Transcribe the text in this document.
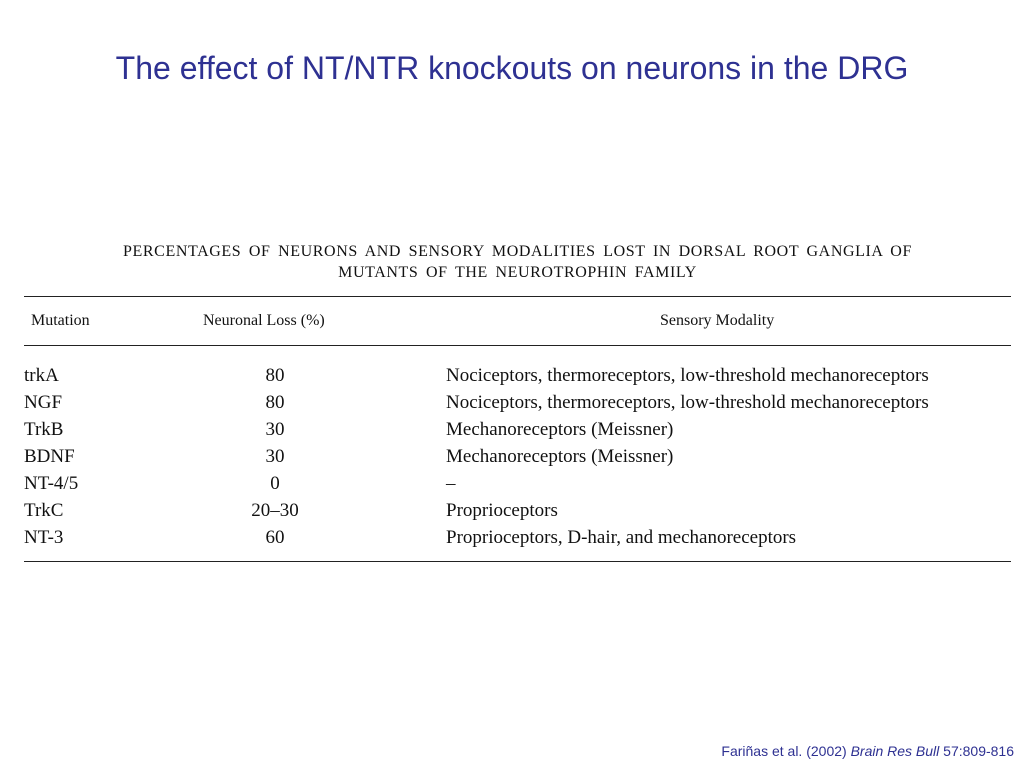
The effect of NT/NTR knockouts on neurons in the DRG
PERCENTAGES OF NEURONS AND SENSORY MODALITIES LOST IN DORSAL ROOT GANGLIA OF
MUTANTS OF THE NEUROTROPHIN FAMILY
Mutation	Neuronal Loss (%)	Sensory Modality
trkA	80	Nociceptors, thermoreceptors, low-threshold mechanoreceptors
NGF	80	Nociceptors, thermoreceptors, low-threshold mechanoreceptors
TrkB	30	Mechanoreceptors (Meissner)
BDNF	30	Mechanoreceptors (Meissner)
NT-4/5	0	–
TrkC	20–30	Proprioceptors
NT-3	60	Proprioceptors, D-hair, and mechanoreceptors
Fariñas et al. (2002) Brain Res Bull 57:809-816
